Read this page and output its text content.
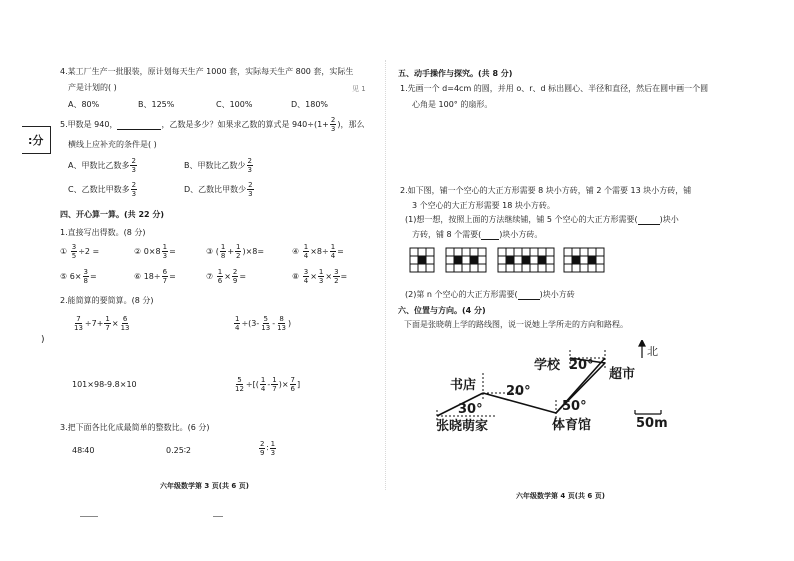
:分
)
4.某工厂生产一批服装，原计划每天生产 1000 套，实际每天生产 800 套，实际生
见 1
产是计划的( )
A、80%	B、125%	C、100%	D、180%
5.甲数是 940，	，乙数是多少？如果求乙数的算式是 $940\div(1+ \frac{2}{3}$ )，那么
横线上应补充的条件是( )
A、甲数比乙数多 $\frac{2}{3}$	B、甲数比乙数少 $\frac{2}{3}$
C、乙数比甲数多 $\frac{2}{3}$	D、乙数比甲数少 $\frac{2}{3}$
四、开心算一算。(共 22 分)
1.直接写出得数。(8 分)
① $\frac{3}{5} \div 2$ =	② $0\times 8 \frac{1}{3}$ =	③ ( $\frac{1}{8} + \frac{1}{2} )\times 8=$	④ $\frac{1}{4} \times 8\div \frac{1}{4}$ =
⑤ $6\times \frac{3}{8}$ =	⑥ $18\div \frac{6}{7}$ =	⑦ $\frac{1}{6} \times \frac{2}{9}$ =	⑧ $\frac{3}{4} \times \frac{1}{3} \times \frac{3}{2}$ =
2.能简算的要简算。(8 分)
$\frac{7}{13} \div 7+ \frac{1}{7} \times \frac{6}{13}$	$\frac{1}{4} \div(3- \frac{5}{13} - \frac{8}{13}$ )
101×98-9.8×10	$\frac{5}{12}$ ÷[( $\frac{1}{4} - \frac{1}{7}$ )× $\frac{7}{6}$ ]
3.把下面各比化成最简单的整数比。(6 分)
48∶40	0.25∶2	$\frac{2}{9}$ ∶ $\frac{1}{3}$
六年级数学第 3 页(共 6 页)
五、动手操作与探究。(共 8 分)
1.先画一个 d=4cm 的圆，并用 o、r、d 标出圆心、半径和直径，然后在圆中画一个圆
心角是 100° 的扇形。
2.如下图，铺一个空心的大正方形需要 8 块小方砖，铺 2 个需要 13 块小方砖，铺
3 个空心的大正方形需要 18 块小方砖。
(1)想一想，按照上面的方法继续铺，铺 5 个空心的大正方形需要(	)块小
方砖，铺 8 个需要( )块小方砖。
(2)第 n 个空心的大正方形需要(	)块小方砖
六、位置与方向。(4 分)
下面是张晓萌上学的路线图，说一说她上学所走的方向和路程。
北
书店
学校
超市
张晓萌家	体育馆	50m
30°
20°
50°
20°
六年级数学第 4 页(共 6 页)
